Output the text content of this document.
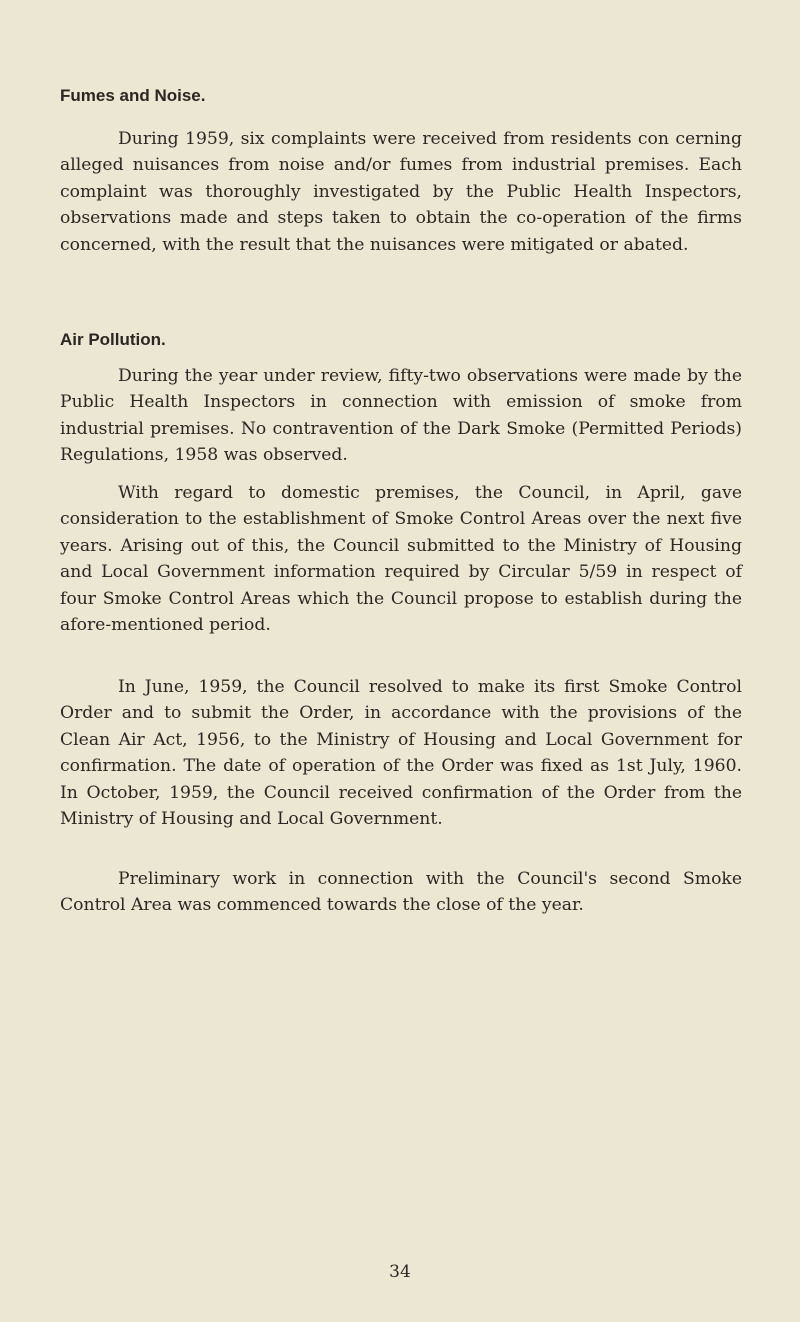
Fumes and Noise.

During 1959, six complaints were received from residents con cerning alleged nuisances from noise and/or fumes from industrial premises. Each complaint was thoroughly investigated by the Public Health Inspectors, observations made and steps taken to obtain the co-operation of the firms concerned, with the result that the nuisances were mitigated or abated.

Air Pollution.

During the year under review, fifty-two observations were made by the Public Health Inspectors in connection with emission of smoke from industrial premises. No contravention of the Dark Smoke (Permitted Periods) Regulations, 1958 was observed.

With regard to domestic premises, the Council, in April, gave consideration to the establishment of Smoke Control Areas over the next five years. Arising out of this, the Council submitted to the Ministry of Housing and Local Government information required by Circular 5/59 in respect of four Smoke Control Areas which the Council propose to establish during the afore-mentioned period.

In June, 1959, the Council resolved to make its first Smoke Control Order and to submit the Order, in accordance with the provisions of the Clean Air Act, 1956, to the Ministry of Housing and Local Government for confirmation. The date of operation of the Order was fixed as 1st July, 1960. In October, 1959, the Council received confirmation of the Order from the Ministry of Housing and Local Government.

Preliminary work in connection with the Council's second Smoke Control Area was commenced towards the close of the year.

34
